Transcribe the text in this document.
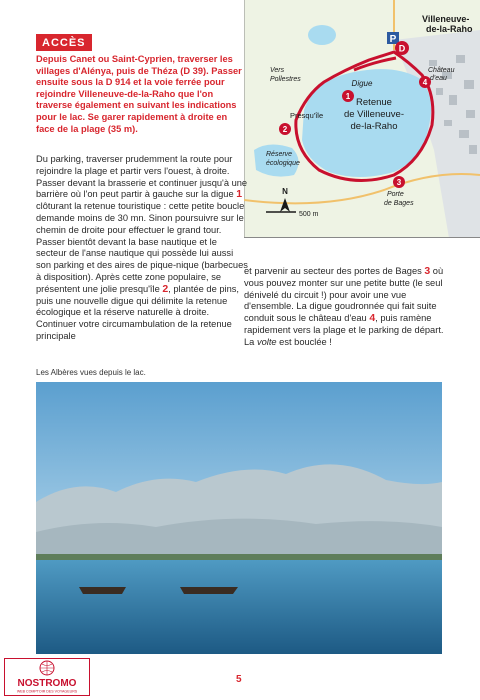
ACCÈS

Depuis Canet ou Saint-Cyprien, traverser les villages d'Alénya, puis de Théza (D 39). Passer ensuite sous la D 914 et la voie ferrée pour rejoindre Villeneuve-de-la-Raho que l'on traverse également en suivant les indications pour le lac. Se garer rapidement à droite en face de la plage (35 m).

P
D
1
2
3
4
Villeneuve-
de-la-Raho
Digue
Retenue
de Villeneuve-
de-la-Raho
Vers
Pollestres
Presqu'île
Réserve
écologique
Porte
de Bages
Château
d'eau
N
500 m

Du parking, traverser prudemment la route pour rejoindre la plage et partir vers l'ouest, à droite. Passer devant la brasserie et continuer jusqu'à une barrière où l'on peut partir à gauche sur la digue 1 clôturant la retenue touristique : cette petite boucle demande moins de 30 mn. Sinon poursuivre sur le chemin de droite pour effectuer le grand tour. Passer bientôt devant la base nautique et le secteur de l'anse nautique qui possède lui aussi son parking et des aires de pique-nique (barbecues à disposition). Après cette zone populaire, se présentent une jolie presqu'île 2, plantée de pins, puis une nouvelle digue qui délimite la retenue écologique et la réserve naturelle à droite. Continuer votre circumambulation de la retenue principale

et parvenir au secteur des portes de Bages 3 où vous pouvez monter sur une petite butte (le seul dénivelé du circuit !) pour avoir une vue d'ensemble. La digue goudronnée qui fait suite conduit sous le château d'eau 4, puis ramène rapidement vers la plage et le parking de départ. La volte est bouclée !

Les Albères vues depuis le lac.
5
NOSTROMO
WEB COMPTOIR DES VOYAGEURS
